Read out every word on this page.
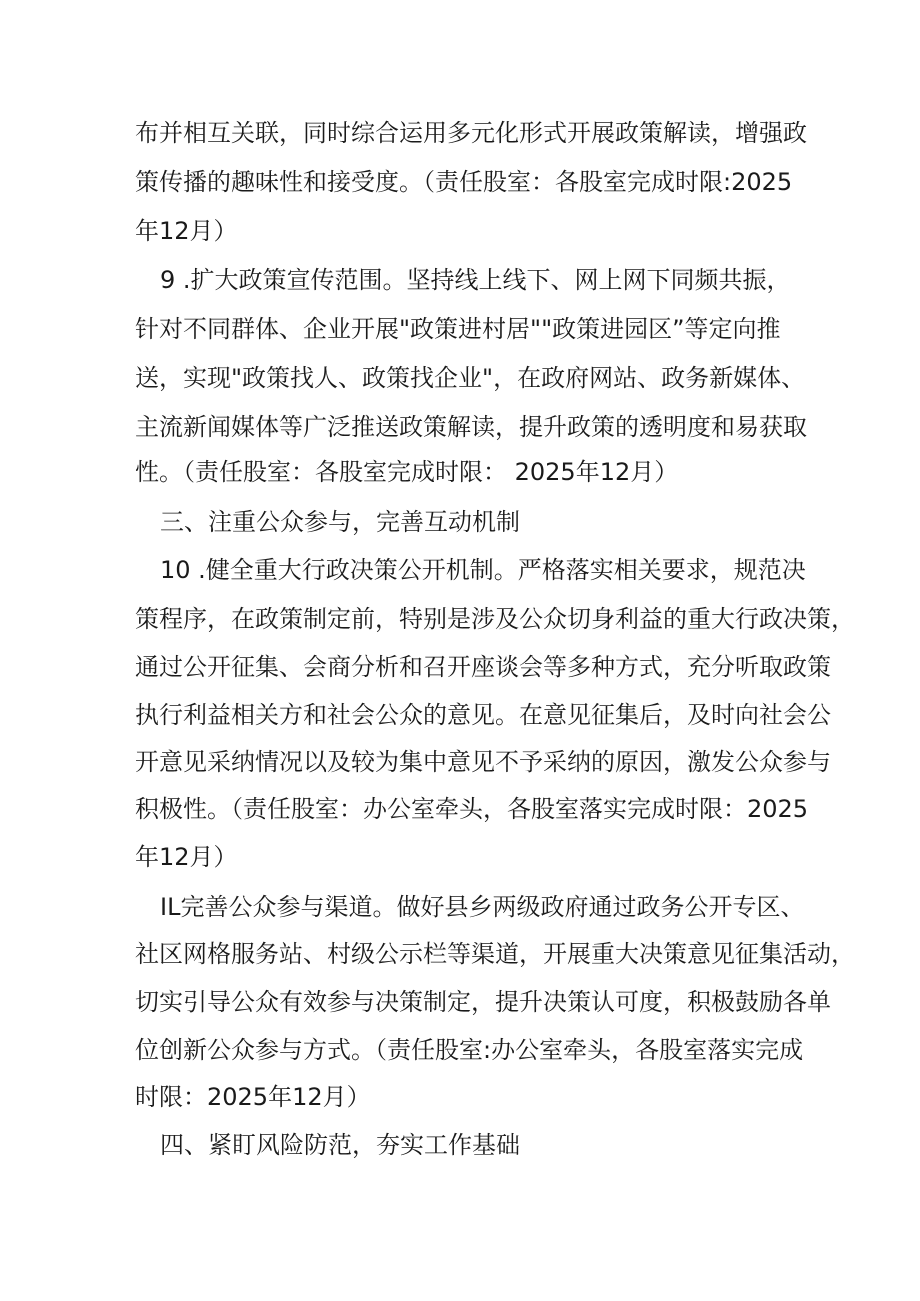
布并相互关联，同时综合运用多元化形式开展政策解读，增强政
策传播的趣味性和接受度。（责任股室：各股室完成时限:2025
年12月）
9 .扩大政策宣传范围。坚持线上线下、网上网下同频共振，
针对不同群体、企业开展"政策进村居""政策进园区”等定向推
送，实现"政策找人、政策找企业"，在政府网站、政务新媒体、
主流新闻媒体等广泛推送政策解读，提升政策的透明度和易获取
性。（责任股室：各股室完成时限： 2025年12月）
三、注重公众参与，完善互动机制
10 .健全重大行政决策公开机制。严格落实相关要求，规范决
策程序，在政策制定前，特别是涉及公众切身利益的重大行政决策，
通过公开征集、会商分析和召开座谈会等多种方式，充分听取政策
执行利益相关方和社会公众的意见。在意见征集后，及时向社会公
开意见采纳情况以及较为集中意见不予采纳的原因，激发公众参与
积极性。（责任股室：办公室牵头，各股室落实完成时限：2025
年12月）
IL完善公众参与渠道。做好县乡两级政府通过政务公开专区、
社区网格服务站、村级公示栏等渠道，开展重大决策意见征集活动，
切实引导公众有效参与决策制定，提升决策认可度，积极鼓励各单
位创新公众参与方式。（责任股室:办公室牵头，各股室落实完成
时限：2025年12月）
四、紧盯风险防范，夯实工作基础
